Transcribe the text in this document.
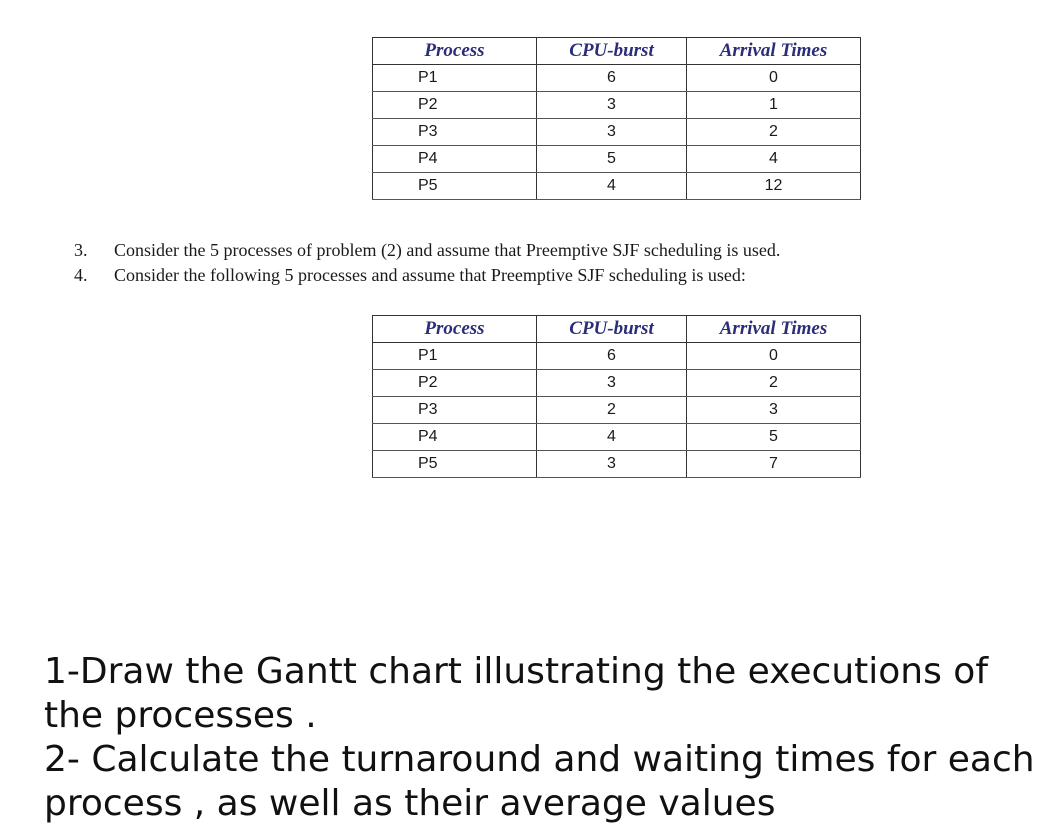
Process	CPU-burst	Arrival Times
P1	6	0
P2	3	1
P3	3	2
P4	5	4
P5	4	12
3.	Consider the 5 processes of problem (2) and assume that Preemptive SJF scheduling is used.
4.	Consider the following 5 processes and assume that Preemptive SJF scheduling is used:
Process	CPU-burst	Arrival Times
P1	6	0
P2	3	2
P3	2	3
P4	4	5
P5	3	7
1-Draw the Gantt chart illustrating the executions of the processes .
2- Calculate the turnaround and waiting times for each process , as well as their average values
